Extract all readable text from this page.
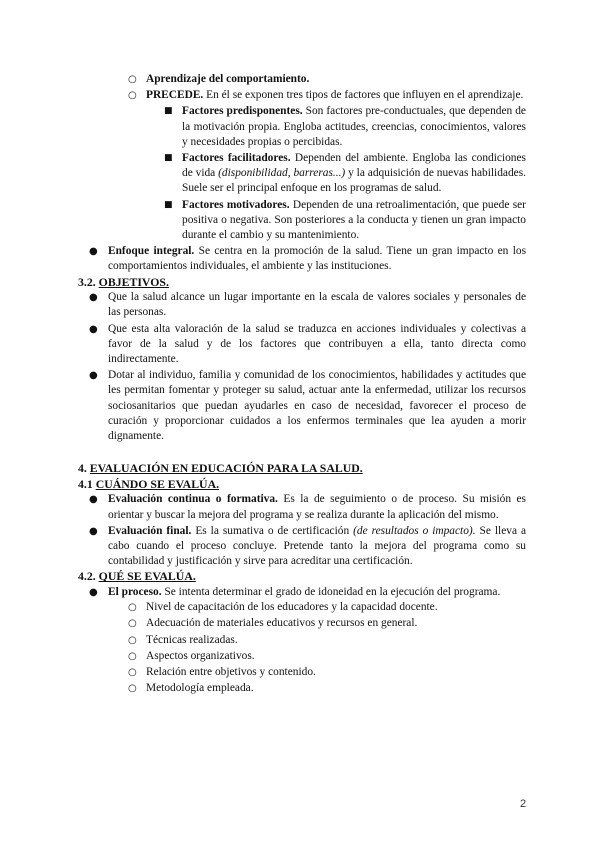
○ Aprendizaje del comportamiento.

○ PRECEDE. En él se exponen tres tipos de factores que influyen en el aprendizaje.

■ Factores predisponentes. Son factores pre-conductuales, que dependen de la motivación propia. Engloba actitudes, creencias, conocimientos, valores y necesidades propias o percibidas.

■ Factores facilitadores. Dependen del ambiente. Engloba las condiciones de vida (disponibilidad, barreras...) y la adquisición de nuevas habilidades. Suele ser el principal enfoque en los programas de salud.

■ Factores motivadores. Dependen de una retroalimentación, que puede ser positiva o negativa. Son posteriores a la conducta y tienen un gran impacto durante el cambio y su mantenimiento.

● Enfoque integral. Se centra en la promoción de la salud. Tiene un gran impacto en los comportamientos individuales, el ambiente y las instituciones.

3.2. OBJETIVOS.
● Que la salud alcance un lugar importante en la escala de valores sociales y personales de las personas.

● Que esta alta valoración de la salud se traduzca en acciones individuales y colectivas a favor de la salud y de los factores que contribuyen a ella, tanto directa como indirectamente.

● Dotar al individuo, familia y comunidad de los conocimientos, habilidades y actitudes que les permitan fomentar y proteger su salud, actuar ante la enfermedad, utilizar los recursos sociosanitarios que puedan ayudarles en caso de necesidad, favorecer el proceso de curación y proporcionar cuidados a los enfermos terminales que lea ayuden a morir dignamente.

4. EVALUACIÓN EN EDUCACIÓN PARA LA SALUD.
4.1 CUÁNDO SE EVALÚA.
● Evaluación continua o formativa. Es la de seguimiento o de proceso. Su misión es orientar y buscar la mejora del programa y se realiza durante la aplicación del mismo.

● Evaluación final. Es la sumativa o de certificación (de resultados o impacto). Se lleva a cabo cuando el proceso concluye. Pretende tanto la mejora del programa como su contabilidad y justificación y sirve para acreditar una certificación.

4.2. QUÉ SE EVALÚA.
● El proceso. Se intenta determinar el grado de idoneidad en la ejecución del programa.

○ Nivel de capacitación de los educadores y la capacidad docente.

○ Adecuación de materiales educativos y recursos en general.

○ Técnicas realizadas.

○ Aspectos organizativos.

○ Relación entre objetivos y contenido.

○ Metodología empleada.

2
